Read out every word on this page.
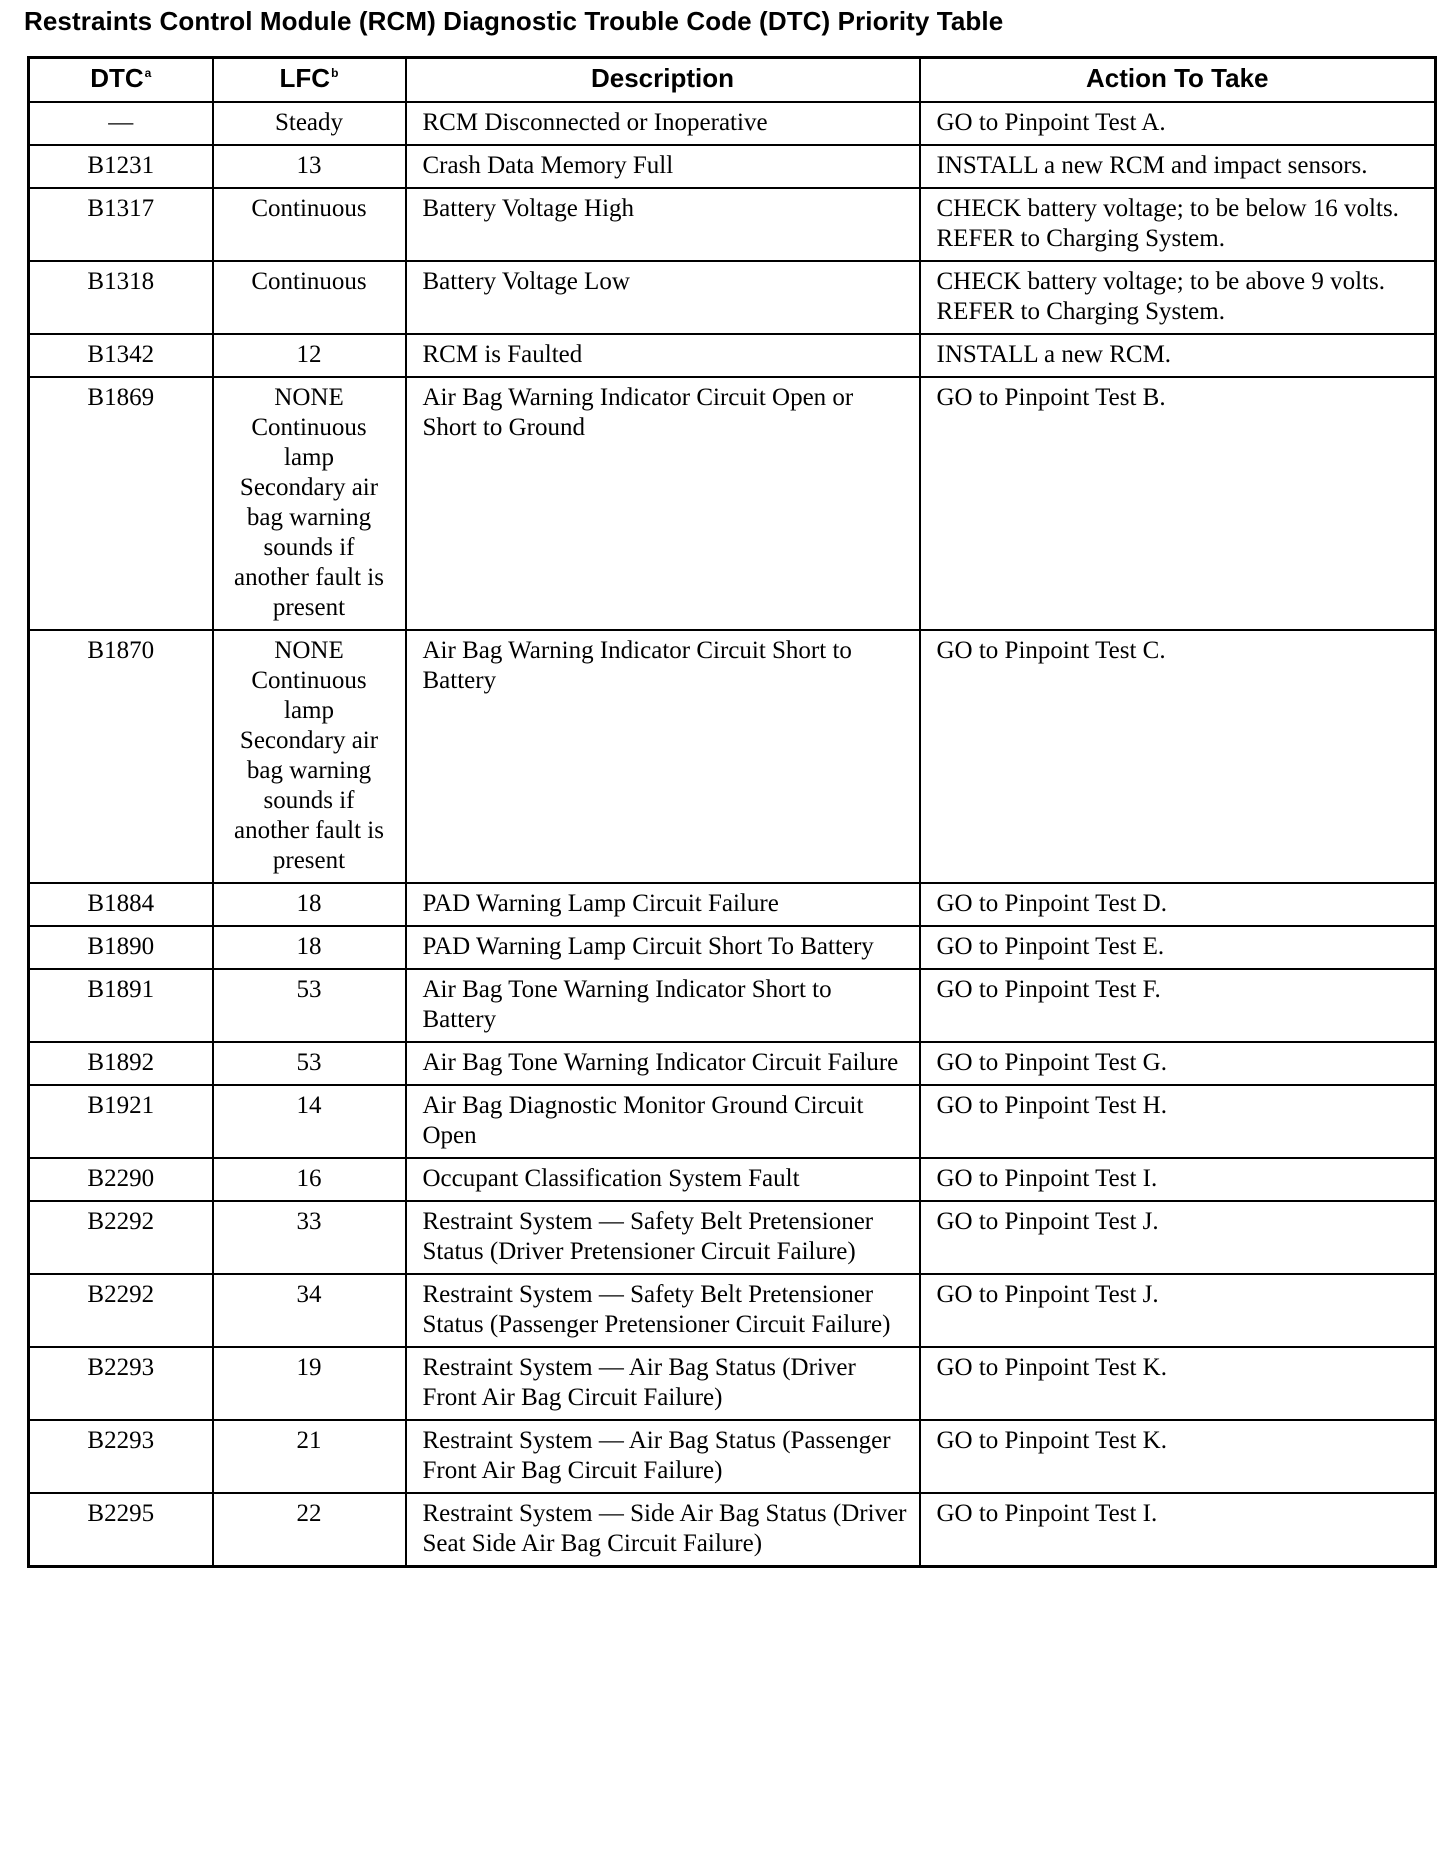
Restraints Control Module (RCM) Diagnostic Trouble Code (DTC) Priority Table
DTC$^a$	LFC$^b$	Description	Action To Take
—	Steady	RCM Disconnected or Inoperative	GO to Pinpoint Test A.
B1231	13	Crash Data Memory Full	INSTALL a new RCM and impact sensors.
B1317	Continuous	Battery Voltage High	CHECK battery voltage; to be below 16 volts. REFER to Charging System.
B1318	Continuous	Battery Voltage Low	CHECK battery voltage; to be above 9 volts. REFER to Charging System.
B1342	12	RCM is Faulted	INSTALL a new RCM.
B1869	NONE Continuous lamp Secondary air bag warning sounds if another fault is present	Air Bag Warning Indicator Circuit Open or Short to Ground	GO to Pinpoint Test B.
B1870	NONE Continuous lamp Secondary air bag warning sounds if another fault is present	Air Bag Warning Indicator Circuit Short to Battery	GO to Pinpoint Test C.
B1884	18	PAD Warning Lamp Circuit Failure	GO to Pinpoint Test D.
B1890	18	PAD Warning Lamp Circuit Short To Battery	GO to Pinpoint Test E.
B1891	53	Air Bag Tone Warning Indicator Short to Battery	GO to Pinpoint Test F.
B1892	53	Air Bag Tone Warning Indicator Circuit Failure	GO to Pinpoint Test G.
B1921	14	Air Bag Diagnostic Monitor Ground Circuit Open	GO to Pinpoint Test H.
B2290	16	Occupant Classification System Fault	GO to Pinpoint Test I.
B2292	33	Restraint System — Safety Belt Pretensioner Status (Driver Pretensioner Circuit Failure)	GO to Pinpoint Test J.
B2292	34	Restraint System — Safety Belt Pretensioner Status (Passenger Pretensioner Circuit Failure)	GO to Pinpoint Test J.
B2293	19	Restraint System — Air Bag Status (Driver Front Air Bag Circuit Failure)	GO to Pinpoint Test K.
B2293	21	Restraint System — Air Bag Status (Passenger Front Air Bag Circuit Failure)	GO to Pinpoint Test K.
B2295	22	Restraint System — Side Air Bag Status (Driver Seat Side Air Bag Circuit Failure)	GO to Pinpoint Test I.
